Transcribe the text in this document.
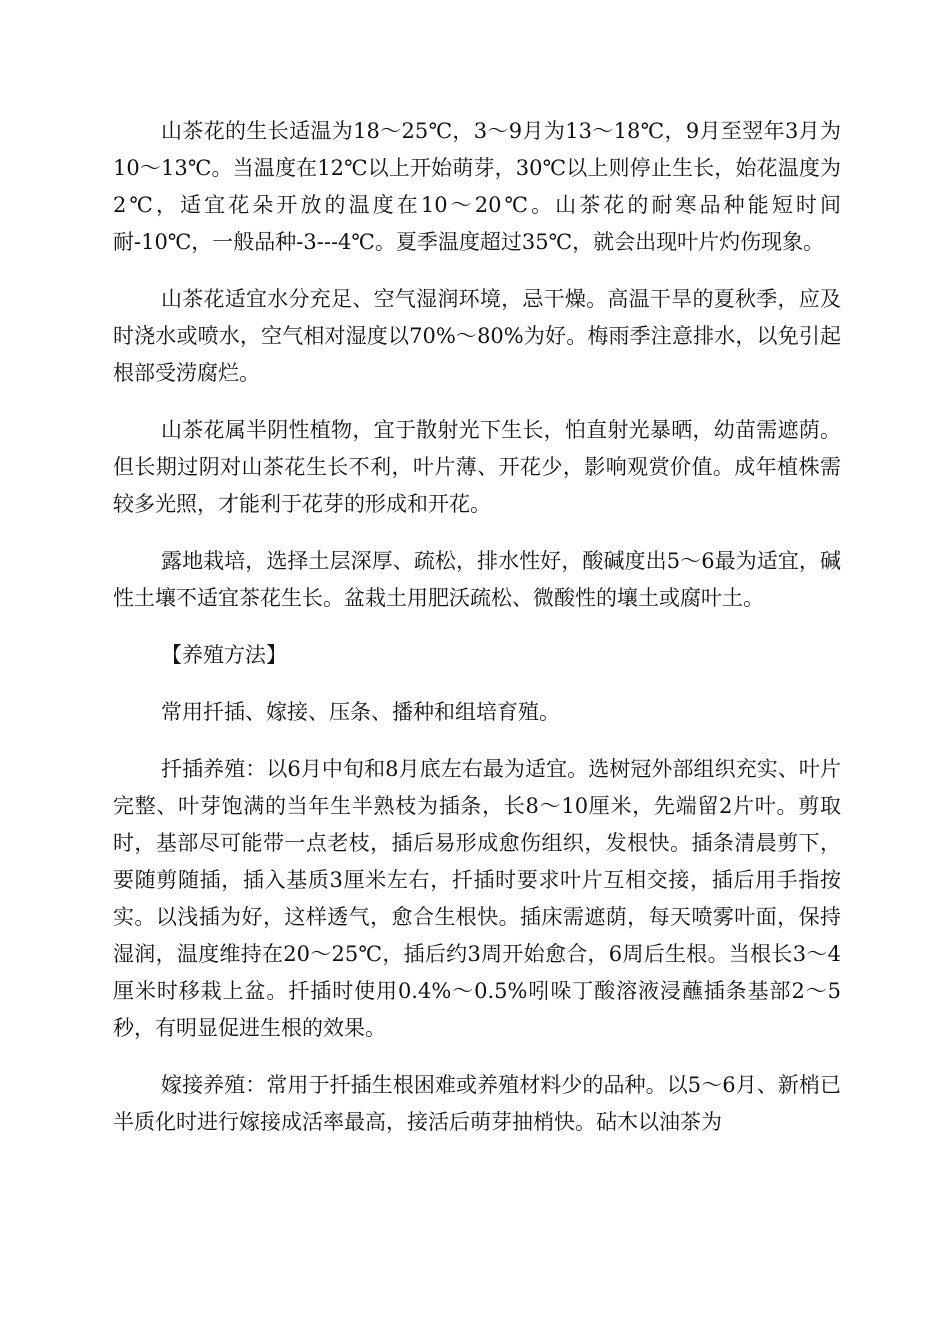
山茶花的生长适温为18～25℃，3～9月为13～18℃，9月至翌年3月为10～13℃。当温度在12℃以上开始萌芽，30℃以上则停止生长，始花温度为2℃，适宜花朵开放的温度在10～20℃。山茶花的耐寒品种能短时间耐-10℃，一般品种-3---4℃。夏季温度超过35℃，就会出现叶片灼伤现象。

山茶花适宜水分充足、空气湿润环境，忌干燥。高温干旱的夏秋季，应及时浇水或喷水，空气相对湿度以70%～80%为好。梅雨季注意排水，以免引起根部受涝腐烂。

山茶花属半阴性植物，宜于散射光下生长，怕直射光暴晒，幼苗需遮荫。但长期过阴对山茶花生长不利，叶片薄、开花少，影响观赏价值。成年植株需较多光照，才能利于花芽的形成和开花。

露地栽培，选择土层深厚、疏松，排水性好，酸碱度出5～6最为适宜，碱性土壤不适宜茶花生长。盆栽土用肥沃疏松、微酸性的壤土或腐叶土。

【养殖方法】

常用扦插、嫁接、压条、播种和组培育殖。

扦插养殖：以6月中旬和8月底左右最为适宜。选树冠外部组织充实、叶片完整、叶芽饱满的当年生半熟枝为插条，长8～10厘米，先端留2片叶。剪取时，基部尽可能带一点老枝，插后易形成愈伤组织，发根快。插条清晨剪下，要随剪随插，插入基质3厘米左右，扦插时要求叶片互相交接，插后用手指按实。以浅插为好，这样透气，愈合生根快。插床需遮荫，每天喷雾叶面，保持湿润，温度维持在20～25℃，插后约3周开始愈合，6周后生根。当根长3～4厘米时移栽上盆。扦插时使用0.4%～0.5%吲哚丁酸溶液浸蘸插条基部2～5秒，有明显促进生根的效果。

嫁接养殖：常用于扦插生根困难或养殖材料少的品种。以5～6月、新梢已半质化时进行嫁接成活率最高，接活后萌芽抽梢快。砧木以油茶为
